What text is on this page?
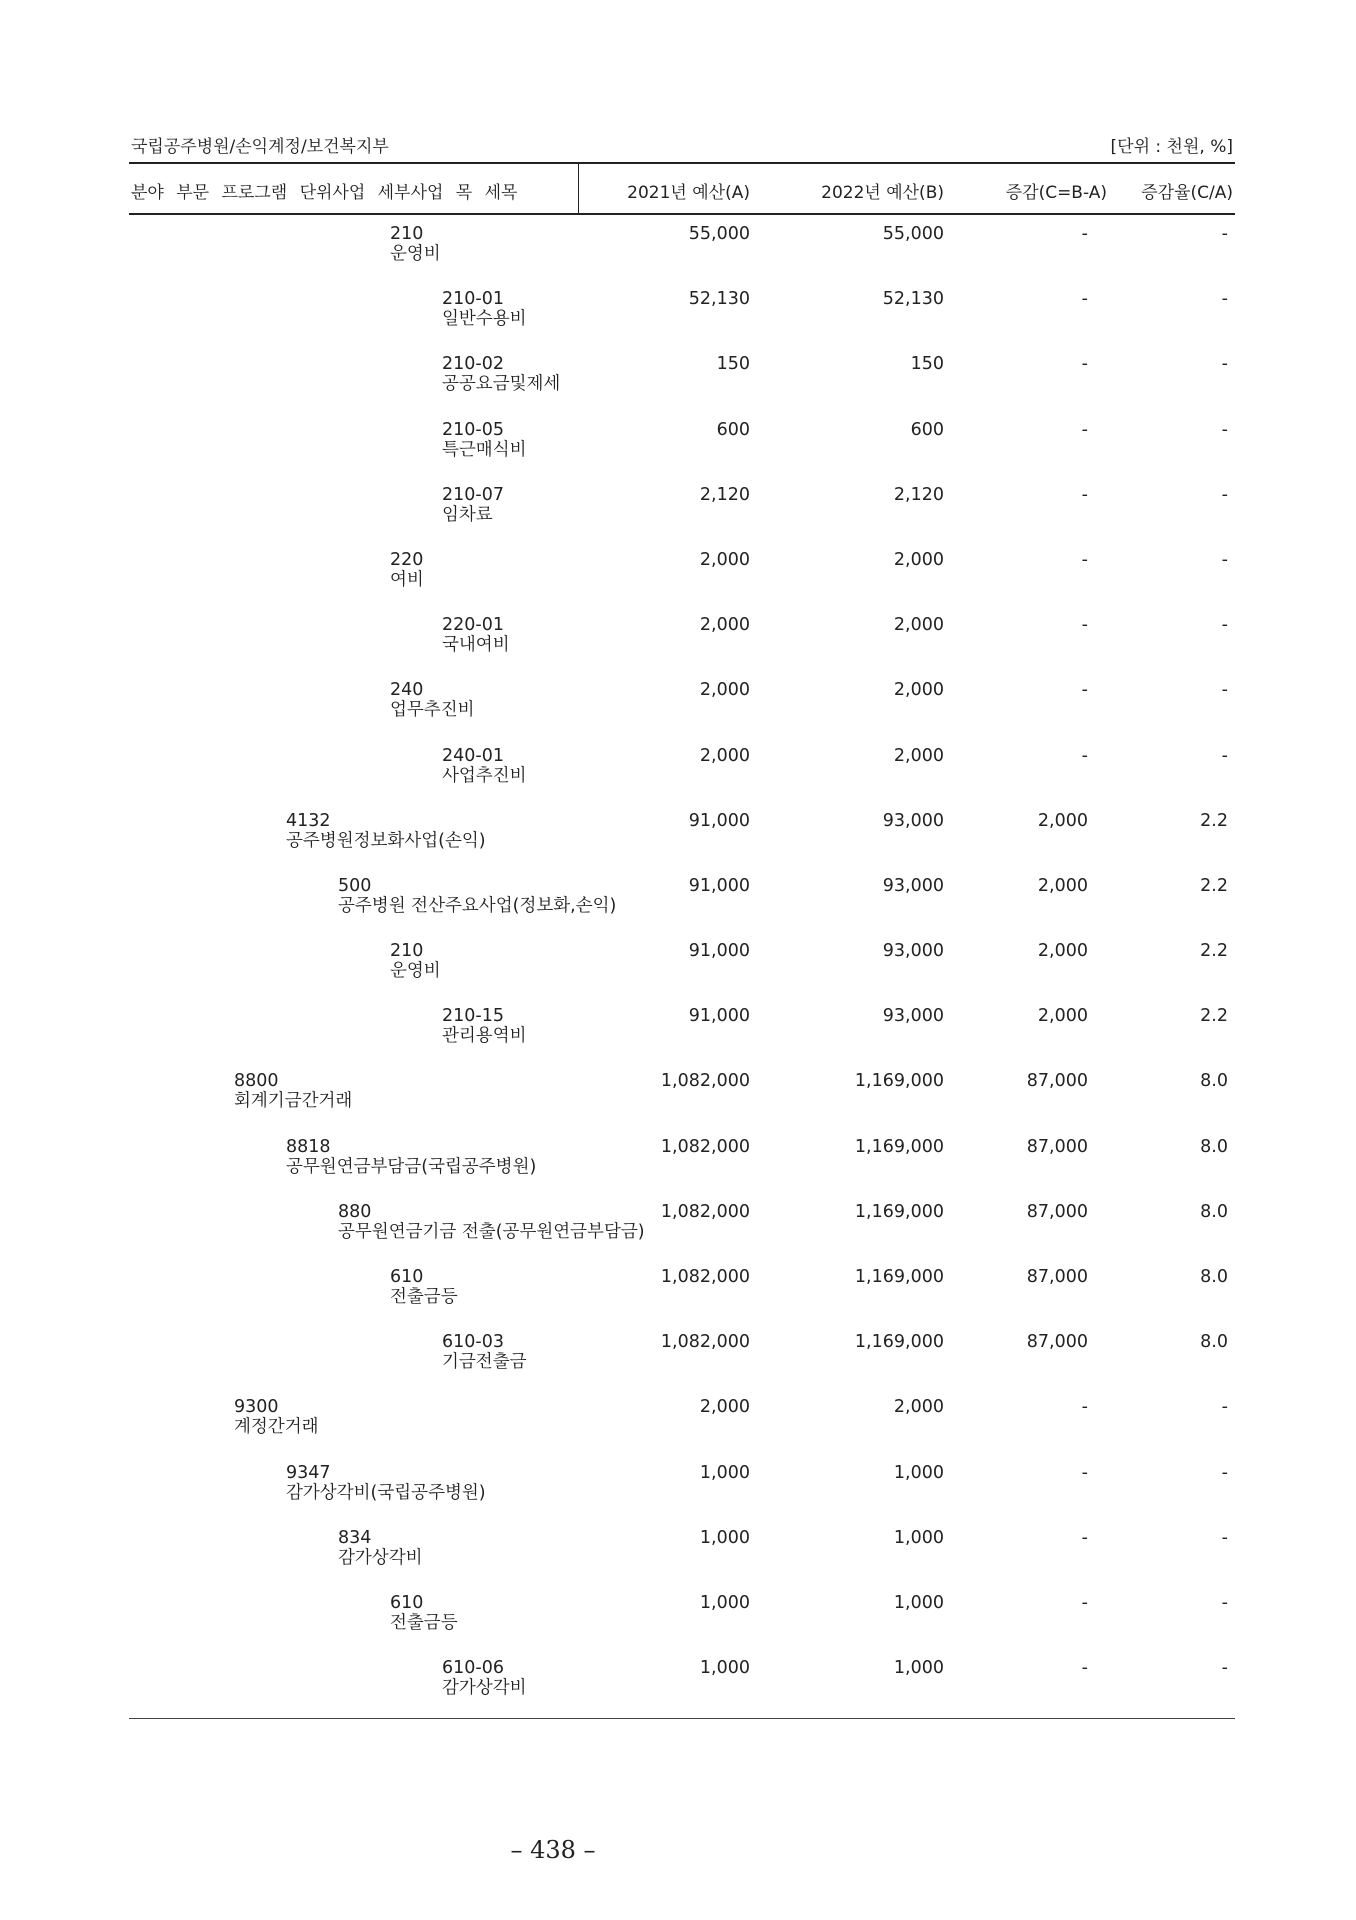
국립공주병원/손익계정/보건복지부	[단위 : 천원, %]
분야 부문 프로그램 단위사업 세부사업 목 세목	2021년 예산(A)	2022년 예산(B)	증감(C=B-A) 증감율(C/A)
210
운영비
55,000	55,000	-	-
210-01
일반수용비
52,130	52,130	-	-
210-02
공공요금및제세
150	150	-	-
210-05
특근매식비
600	600	-	-
210-07
임차료
2,120	2,120	-	-
220
여비
2,000	2,000	-	-
220-01
국내여비
2,000	2,000	-	-
240
업무추진비
2,000	2,000	-	-
240-01
사업추진비
2,000	2,000	-	-
4132
공주병원정보화사업(손익)
91,000	93,000	2,000	2.2
500
공주병원 전산주요사업(정보화,손익)
91,000	93,000	2,000	2.2
210
운영비
91,000	93,000	2,000	2.2
210-15
관리용역비
91,000	93,000	2,000	2.2
8800
회계기금간거래
1,082,000	1,169,000	87,000	8.0
8818
공무원연금부담금(국립공주병원)
1,082,000	1,169,000	87,000	8.0
880
공무원연금기금 전출(공무원연금부담금)
1,082,000	1,169,000	87,000	8.0
610
전출금등
1,082,000	1,169,000	87,000	8.0
610-03
기금전출금
1,082,000	1,169,000	87,000	8.0
9300
계정간거래
2,000	2,000	-	-
9347
감가상각비(국립공주병원)
1,000	1,000	-	-
834
감가상각비
1,000	1,000	-	-
610
전출금등
1,000	1,000	-	-
610-06
감가상각비
1,000	1,000	-	-
– 438 –
